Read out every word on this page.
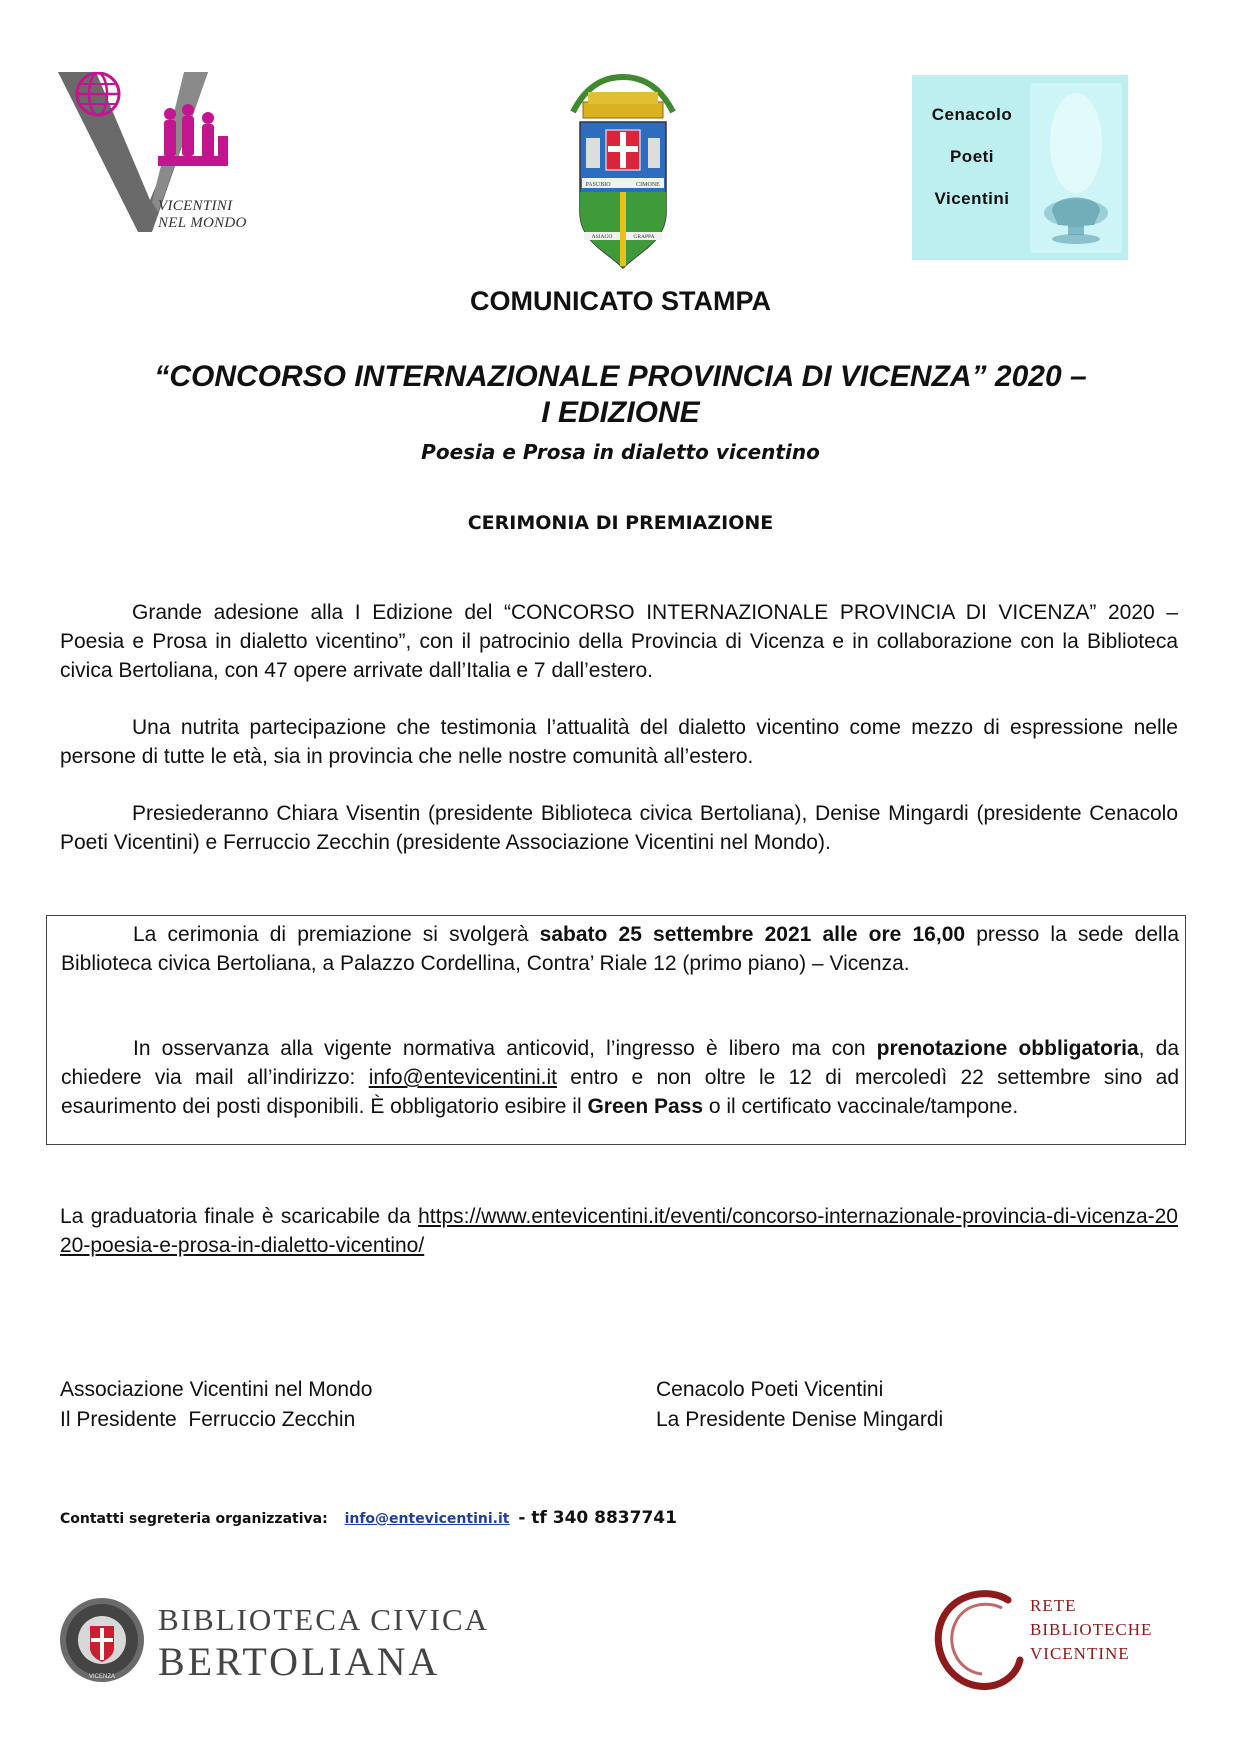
VICENTINI
NEL MONDO
PASUBIO	CIMONE
ASIAGO	GRAPPA
Cenacolo
Poeti
Vicentini
COMUNICATO STAMPA
“CONCORSO INTERNAZIONALE PROVINCIA DI VICENZA” 2020 –
I EDIZIONE
Poesia e Prosa in dialetto vicentino
CERIMONIA DI PREMIAZIONE

Grande adesione alla I Edizione del “CONCORSO INTERNAZIONALE PROVINCIA DI VICENZA” 2020 – Poesia e Prosa in dialetto vicentino”, con il patrocinio della Provincia di Vicenza e in collaborazione con la Biblioteca civica Bertoliana, con 47 opere arrivate dall’Italia e 7 dall’estero.

Una nutrita partecipazione che testimonia l’attualità del dialetto vicentino come mezzo di espressione nelle persone di tutte le età, sia in provincia che nelle nostre comunità all’estero.

Presiederanno Chiara Visentin (presidente Biblioteca civica Bertoliana), Denise Mingardi (presidente Cenacolo Poeti Vicentini) e Ferruccio Zecchin (presidente Associazione Vicentini nel Mondo).

La cerimonia di premiazione si svolgerà sabato 25 settembre 2021 alle ore 16,00 presso la sede della Biblioteca civica Bertoliana, a Palazzo Cordellina, Contra’ Riale 12 (primo piano) – Vicenza.

In osservanza alla vigente normativa anticovid, l’ingresso è libero ma con prenotazione obbligatoria, da chiedere via mail all’indirizzo: info@entevicentini.it entro e non oltre le 12 di mercoledì 22 settembre sino ad esaurimento dei posti disponibili. È obbligatorio esibire il Green Pass o il certificato vaccinale/tampone.

La graduatoria finale è scaricabile da https://www.entevicentini.it/eventi/concorso-internazionale-provincia-di-vicenza-2020-poesia-e-prosa-in-dialetto-vicentino/

Associazione Vicentini nel Mondo
Il Presidente  Ferruccio Zecchin
Cenacolo Poeti Vicentini
La Presidente Denise Mingardi
Contatti segreteria organizzativa: info@entevicentini.it - tf 340 8837741
VICENZA
BIBLIOTECA CIVICA
BERTOLIANA
RETE
BIBLIOTECHE
VICENTINE
